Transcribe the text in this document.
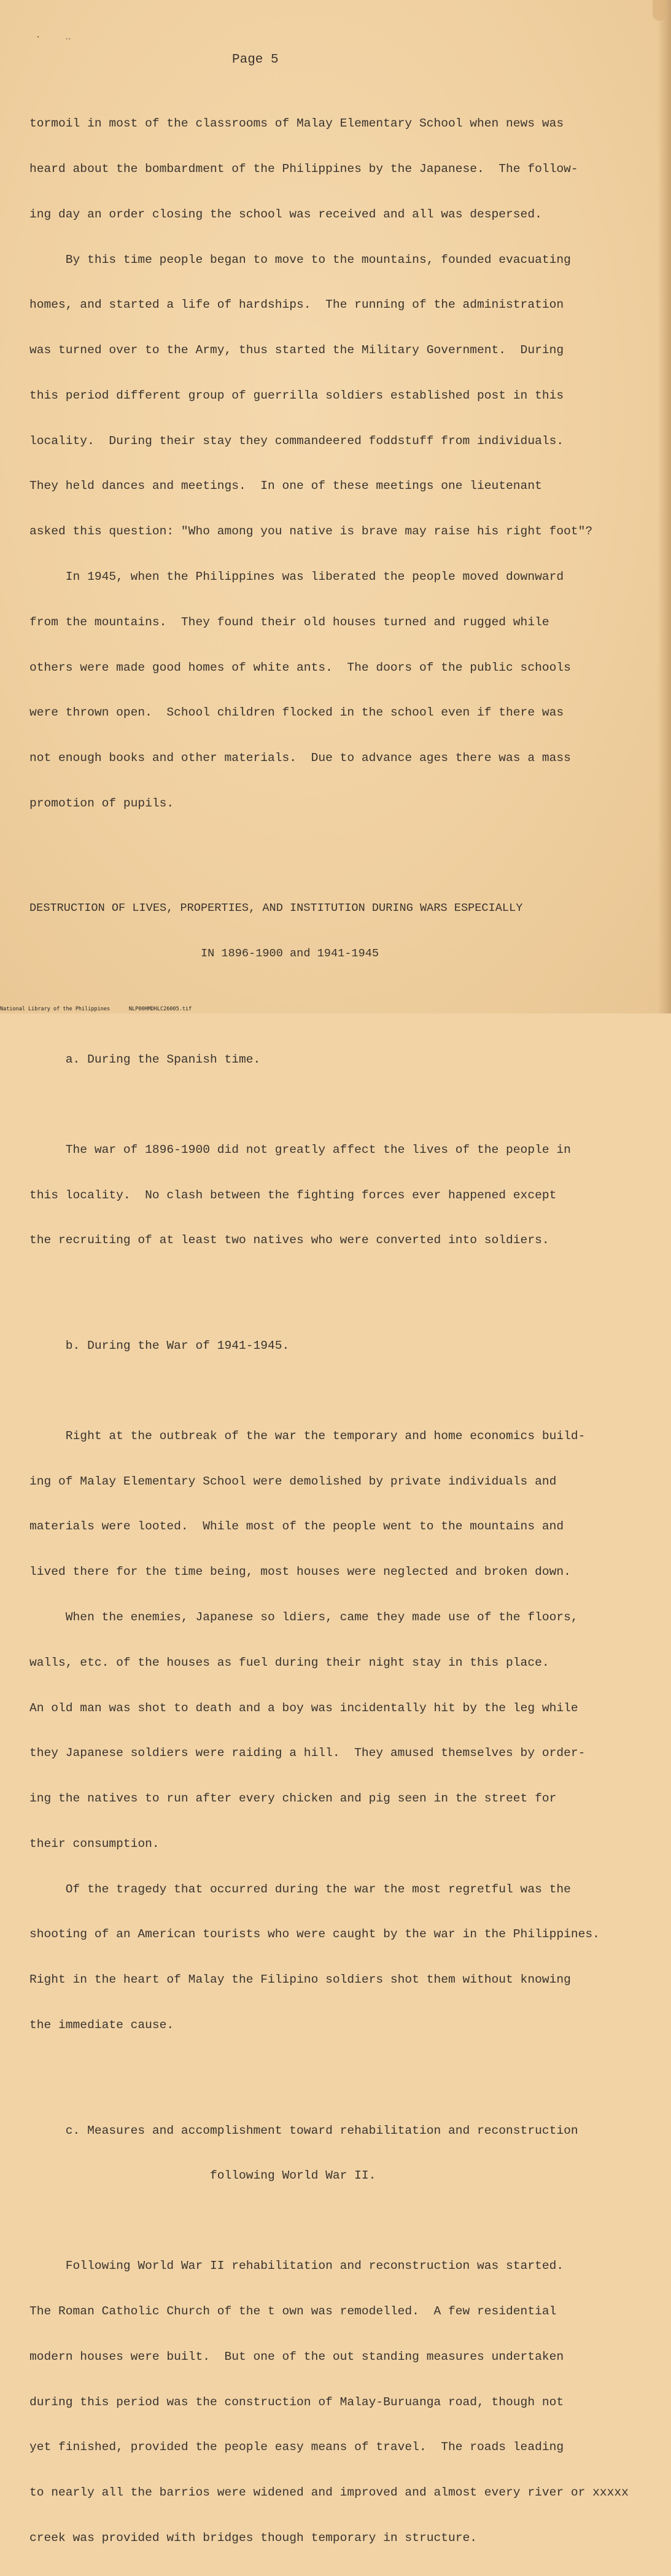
·‥
Page 5

tormoil in most of the classrooms of Malay Elementary School when news was

heard about the bombardment of the Philippines by the Japanese.  The follow-

ing day an order closing the school was received and all was despersed.

By this time people began to move to the mountains, founded evacuating

homes, and started a life of hardships.  The running of the administration

was turned over to the Army, thus started the Military Government.  During

this period different group of guerrilla soldiers established post in this

locality.  During their stay they commandeered foddstuff from individuals.

They held dances and meetings.  In one of these meetings one lieutenant

asked this question: "Who among you native is brave may raise his right foot"?

In 1945, when the Philippines was liberated the people moved downward

from the mountains.  They found their old houses turned and rugged while

others were made good homes of white ants.  The doors of the public schools

were thrown open.  School children flocked in the school even if there was

not enough books and other materials.  Due to advance ages there was a mass

promotion of pupils.

DESTRUCTION OF LIVES, PROPERTIES, AND INSTITUTION DURING WARS ESPECIALLY

IN 1896-1900 and 1941-1945

a. During the Spanish time.

The war of 1896-1900 did not greatly affect the lives of the people in

this locality.  No clash between the fighting forces ever happened except

the recruiting of at least two natives who were converted into soldiers.

b. During the War of 1941-1945.

Right at the outbreak of the war the temporary and home economics build-

ing of Malay Elementary School were demolished by private individuals and

materials were looted.  While most of the people went to the mountains and

lived there for the time being, most houses were neglected and broken down.

When the enemies, Japanese so ldiers, came they made use of the floors,

walls, etc. of the houses as fuel during their night stay in this place.

An old man was shot to death and a boy was incidentally hit by the leg while

they Japanese soldiers were raiding a hill.  They amused themselves by order-

ing the natives to run after every chicken and pig seen in the street for

their consumption.

Of the tragedy that occurred during the war the most regretful was the

shooting of an American tourists who were caught by the war in the Philippines.

Right in the heart of Malay the Filipino soldiers shot them without knowing

the immediate cause.

c. Measures and accomplishment toward rehabilitation and reconstruction

following World War II.

Following World War II rehabilitation and reconstruction was started.

The Roman Catholic Church of the t own was remodelled.  A few residential

modern houses were built.  But one of the out standing measures undertaken

during this period was the construction of Malay-Buruanga road, though not

yet finished, provided the people easy means of travel.  The roads leading

to nearly all the barrios were widened and improved and almost every river or xxxxx

creek was provided with bridges though temporary in structure.

National Library of the Philippines	NLP00HMDHLC26005.tif
